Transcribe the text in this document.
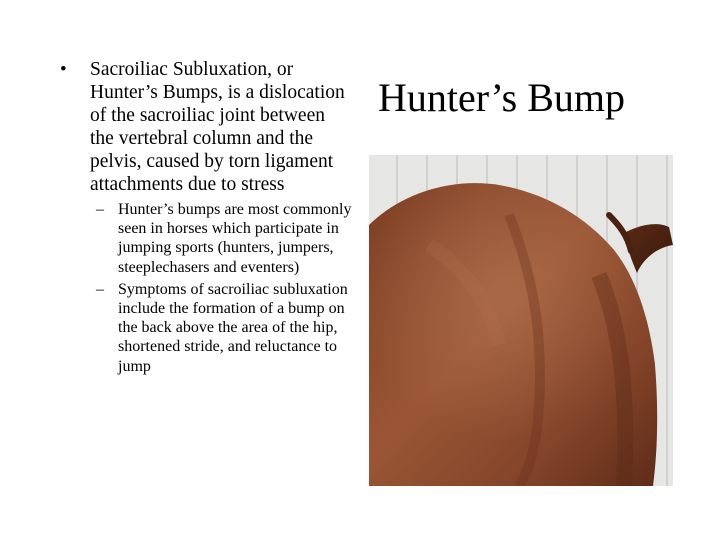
Hunter’s Bump
• Sacroiliac Subluxation, or Hunter’s Bumps, is a dislocation of the sacroiliac joint between the vertebral column and the pelvis, caused by torn ligament attachments due to stress
– Hunter’s bumps are most commonly seen in horses which participate in jumping sports (hunters, jumpers, steeplechasers and eventers)
– Symptoms of sacroiliac subluxation include the formation of a bump on the back above the area of the hip, shortened stride, and reluctance to jump
